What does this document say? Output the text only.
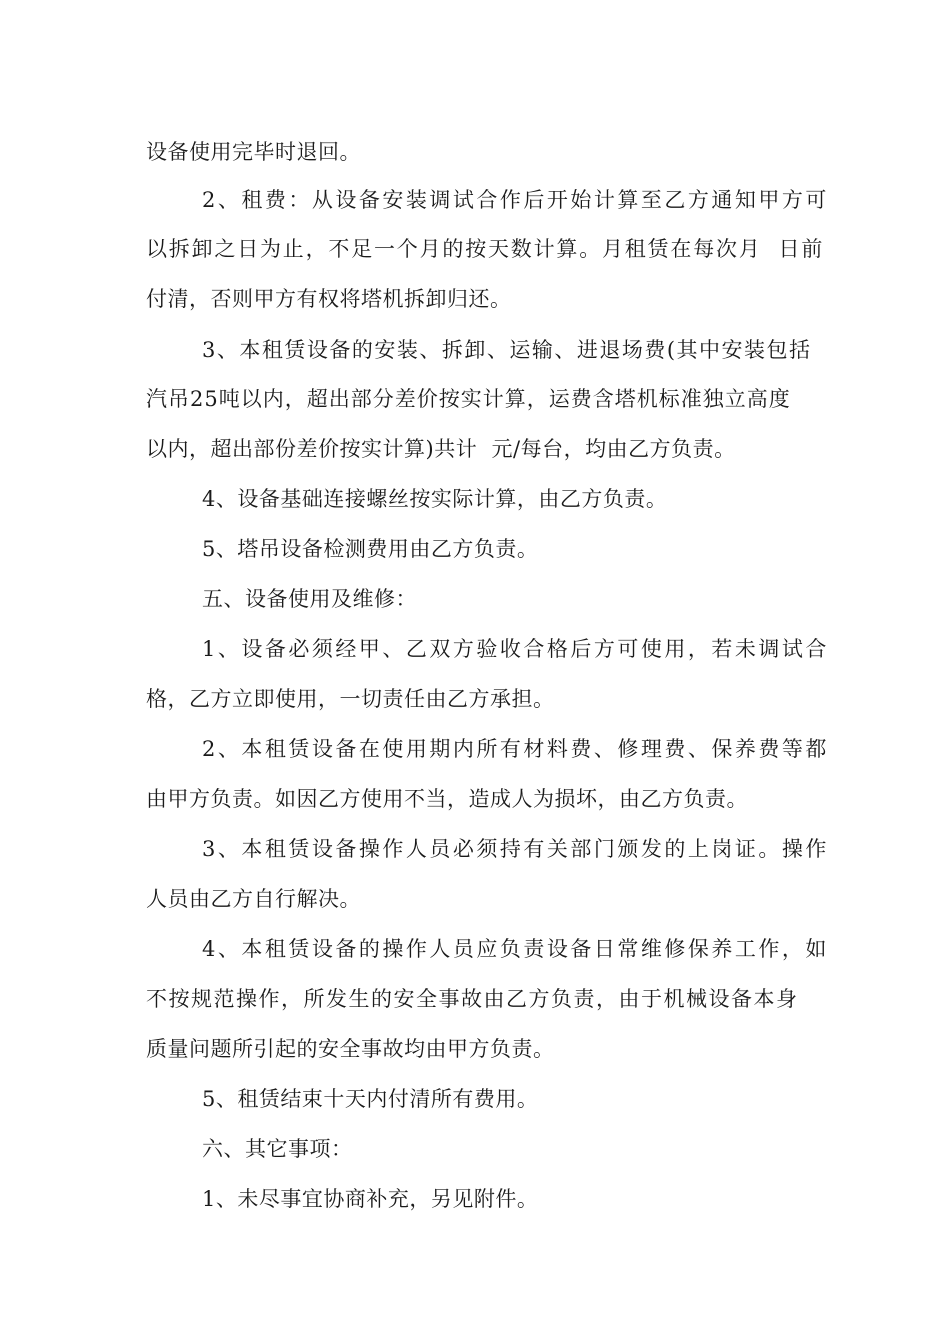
设备使用完毕时退回。
2、租费：从设备安装调试合作后开始计算至乙方通知甲方可
以拆卸之日为止，不足一个月的按天数计算。月租赁在每次月  日前
付清，否则甲方有权将塔机拆卸归还。
3、本租赁设备的安装、拆卸、运输、进退场费(其中安装包括
汽吊25吨以内，超出部分差价按实计算，运费含塔机标准独立高度
以内，超出部份差价按实计算)共计  元/每台，均由乙方负责。
4、设备基础连接螺丝按实际计算，由乙方负责。
5、塔吊设备检测费用由乙方负责。
五、设备使用及维修：
1、设备必须经甲、乙双方验收合格后方可使用，若未调试合
格，乙方立即使用，一切责任由乙方承担。
2、本租赁设备在使用期内所有材料费、修理费、保养费等都
由甲方负责。如因乙方使用不当，造成人为损坏，由乙方负责。
3、本租赁设备操作人员必须持有关部门颁发的上岗证。操作
人员由乙方自行解决。
4、本租赁设备的操作人员应负责设备日常维修保养工作，如
不按规范操作，所发生的安全事故由乙方负责，由于机械设备本身
质量问题所引起的安全事故均由甲方负责。
5、租赁结束十天内付清所有费用。
六、其它事项：
1、未尽事宜协商补充，另见附件。
